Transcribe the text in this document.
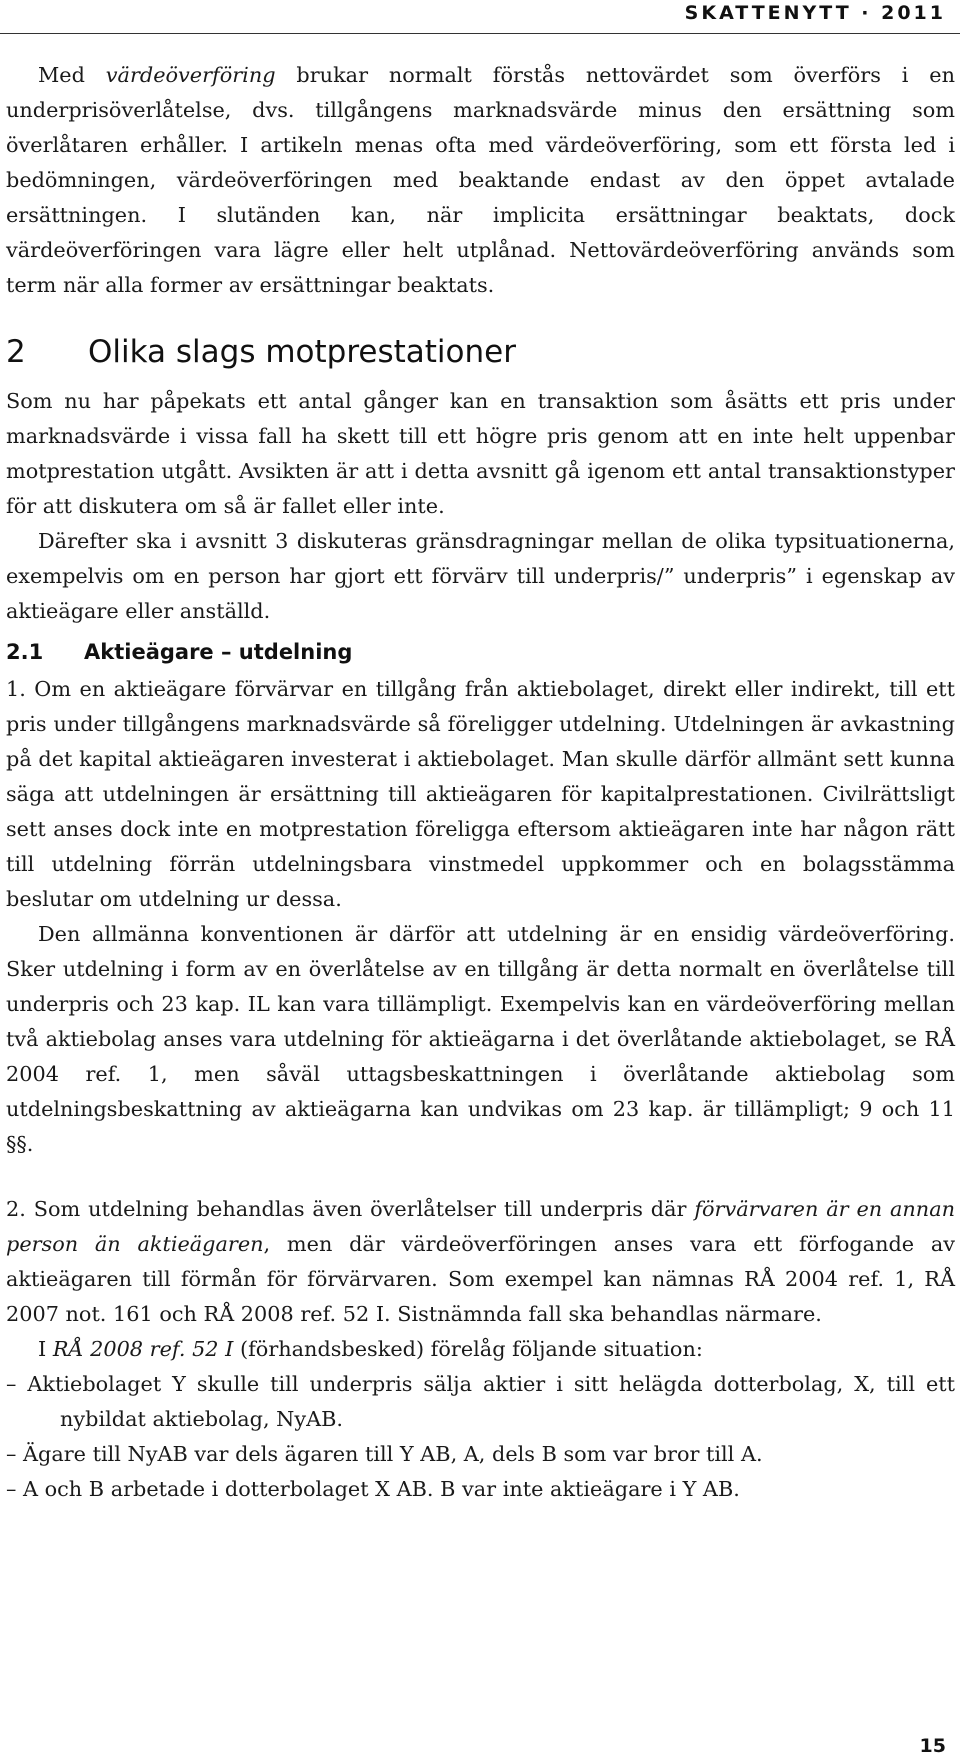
SKATTENYTT · 2011

Med värdeöverföring brukar normalt förstås nettovärdet som överförs i en underprisöverlåtelse, dvs. tillgångens marknadsvärde minus den ersättning som överlåtaren erhåller. I artikeln menas ofta med värdeöverföring, som ett första led i bedömningen, värdeöverföringen med beaktande endast av den öppet avtalade ersättningen. I slutänden kan, när implicita ersättningar beaktats, dock värdeöverföringen vara lägre eller helt utplånad. Nettovärdeöverföring används som term när alla former av ersättningar beaktats.

2 Olika slags motprestationer

Som nu har påpekats ett antal gånger kan en transaktion som åsätts ett pris under marknadsvärde i vissa fall ha skett till ett högre pris genom att en inte helt uppenbar motprestation utgått. Avsikten är att i detta avsnitt gå igenom ett antal transaktionstyper för att diskutera om så är fallet eller inte.

Därefter ska i avsnitt 3 diskuteras gränsdragningar mellan de olika typsituationerna, exempelvis om en person har gjort ett förvärv till underpris/” underpris” i egenskap av aktieägare eller anställd.

2.1 Aktieägare – utdelning

1. Om en aktieägare förvärvar en tillgång från aktiebolaget, direkt eller indirekt, till ett pris under tillgångens marknadsvärde så föreligger utdelning. Utdelningen är avkastning på det kapital aktieägaren investerat i aktiebolaget. Man skulle därför allmänt sett kunna säga att utdelningen är ersättning till aktieägaren för kapitalprestationen. Civilrättsligt sett anses dock inte en motprestation föreligga eftersom aktieägaren inte har någon rätt till utdelning förrän utdelningsbara vinstmedel uppkommer och en bolagsstämma beslutar om utdelning ur dessa.

Den allmänna konventionen är därför att utdelning är en ensidig värdeöverföring. Sker utdelning i form av en överlåtelse av en tillgång är detta normalt en överlåtelse till underpris och 23 kap. IL kan vara tillämpligt. Exempelvis kan en värdeöverföring mellan två aktiebolag anses vara utdelning för aktieägarna i det överlåtande aktiebolaget, se RÅ 2004 ref. 1, men såväl uttagsbeskattningen i överlåtande aktiebolag som utdelningsbeskattning av aktieägarna kan undvikas om 23 kap. är tillämpligt; 9 och 11 §§.

2. Som utdelning behandlas även överlåtelser till underpris där förvärvaren är en annan person än aktieägaren, men där värdeöverföringen anses vara ett förfogande av aktieägaren till förmån för förvärvaren. Som exempel kan nämnas RÅ 2004 ref. 1, RÅ 2007 not. 161 och RÅ 2008 ref. 52 I. Sistnämnda fall ska behandlas närmare.

I RÅ 2008 ref. 52 I (förhandsbesked) förelåg följande situation:

– Aktiebolaget Y skulle till underpris sälja aktier i sitt helägda dotterbolag, X, till ett nybildat aktiebolag, NyAB.

– Ägare till NyAB var dels ägaren till Y AB, A, dels B som var bror till A.

– A och B arbetade i dotterbolaget X AB. B var inte aktieägare i Y AB.

15
